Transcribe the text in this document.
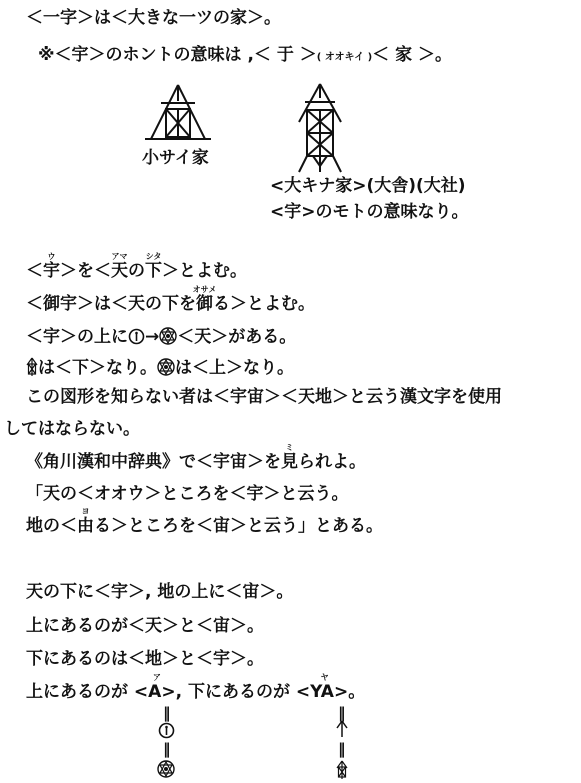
＜一字＞は＜大きな一ツの家＞。
※＜宇＞のホントの意味は ,＜ 于 ＞( オオキイ )＜ 家 ＞。
小サイ家
<大キナ家>(大舎)(大社)
<宇>のモトの意味なり。
＜
ウ
宇＞を＜
アマ
天の
シタ
下＞とよむ。
＜御宇＞は＜天の下を
オサメ
御る＞とよむ。
＜宇＞の上に → ＜天＞がある。
は＜下＞なり。 は＜上＞なり。
この図形を知らない者は＜宇宙＞＜天地＞と云う漢文字を使用
してはならない。
《角川漢和中辞典》で＜宇宙＞を
ミ
見られよ。
「天の＜オオウ＞ところを＜宇＞と云う。
地の＜
ヨ
由る＞ところを＜宙＞と云う」とある。
天の下に＜宇＞, 地の上に＜宙＞。
上にあるのが＜天＞と＜宙＞。
下にあるのは＜地＞と＜宇＞。
上にあるのが
ア
<A>, 下にあるのが
ヤ
<YA>。
‖
‖
‖
‖
